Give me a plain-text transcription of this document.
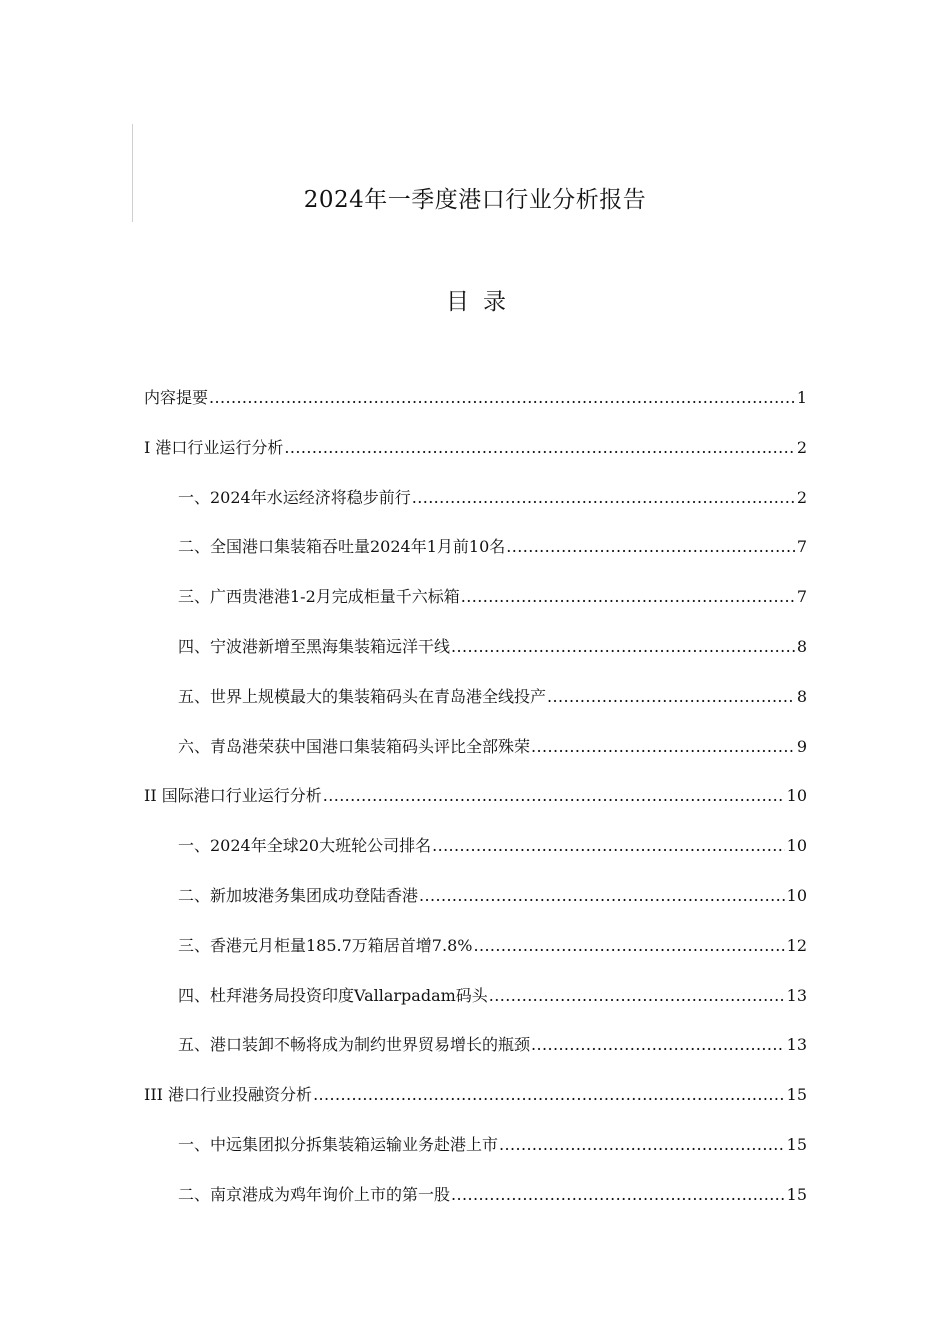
2024年一季度港口行业分析报告
目录
内容提要 .....	1
I 港口行业运行分析 .....	2
一、2024年水运经济将稳步前行 .....	2
二、全国港口集装箱吞吐量2024年1月前10名 .....	7
三、广西贵港港1-2月完成柜量千六标箱 .....	7
四、宁波港新增至黑海集装箱远洋干线 .....	8
五、世界上规模最大的集装箱码头在青岛港全线投产 .....	8
六、青岛港荣获中国港口集装箱码头评比全部殊荣 .....	9
II 国际港口行业运行分析 .....	10
一、2024年全球20大班轮公司排名 .....	10
二、新加坡港务集团成功登陆香港 .....	10
三、香港元月柜量185.7万箱居首增7.8% .....	12
四、杜拜港务局投资印度Vallarpadam码头 .....	13
五、港口装卸不畅将成为制约世界贸易增长的瓶颈 .....	13
III 港口行业投融资分析 .....	15
一、中远集团拟分拆集装箱运输业务赴港上市 .....	15
二、南京港成为鸡年询价上市的第一股 .....	15
